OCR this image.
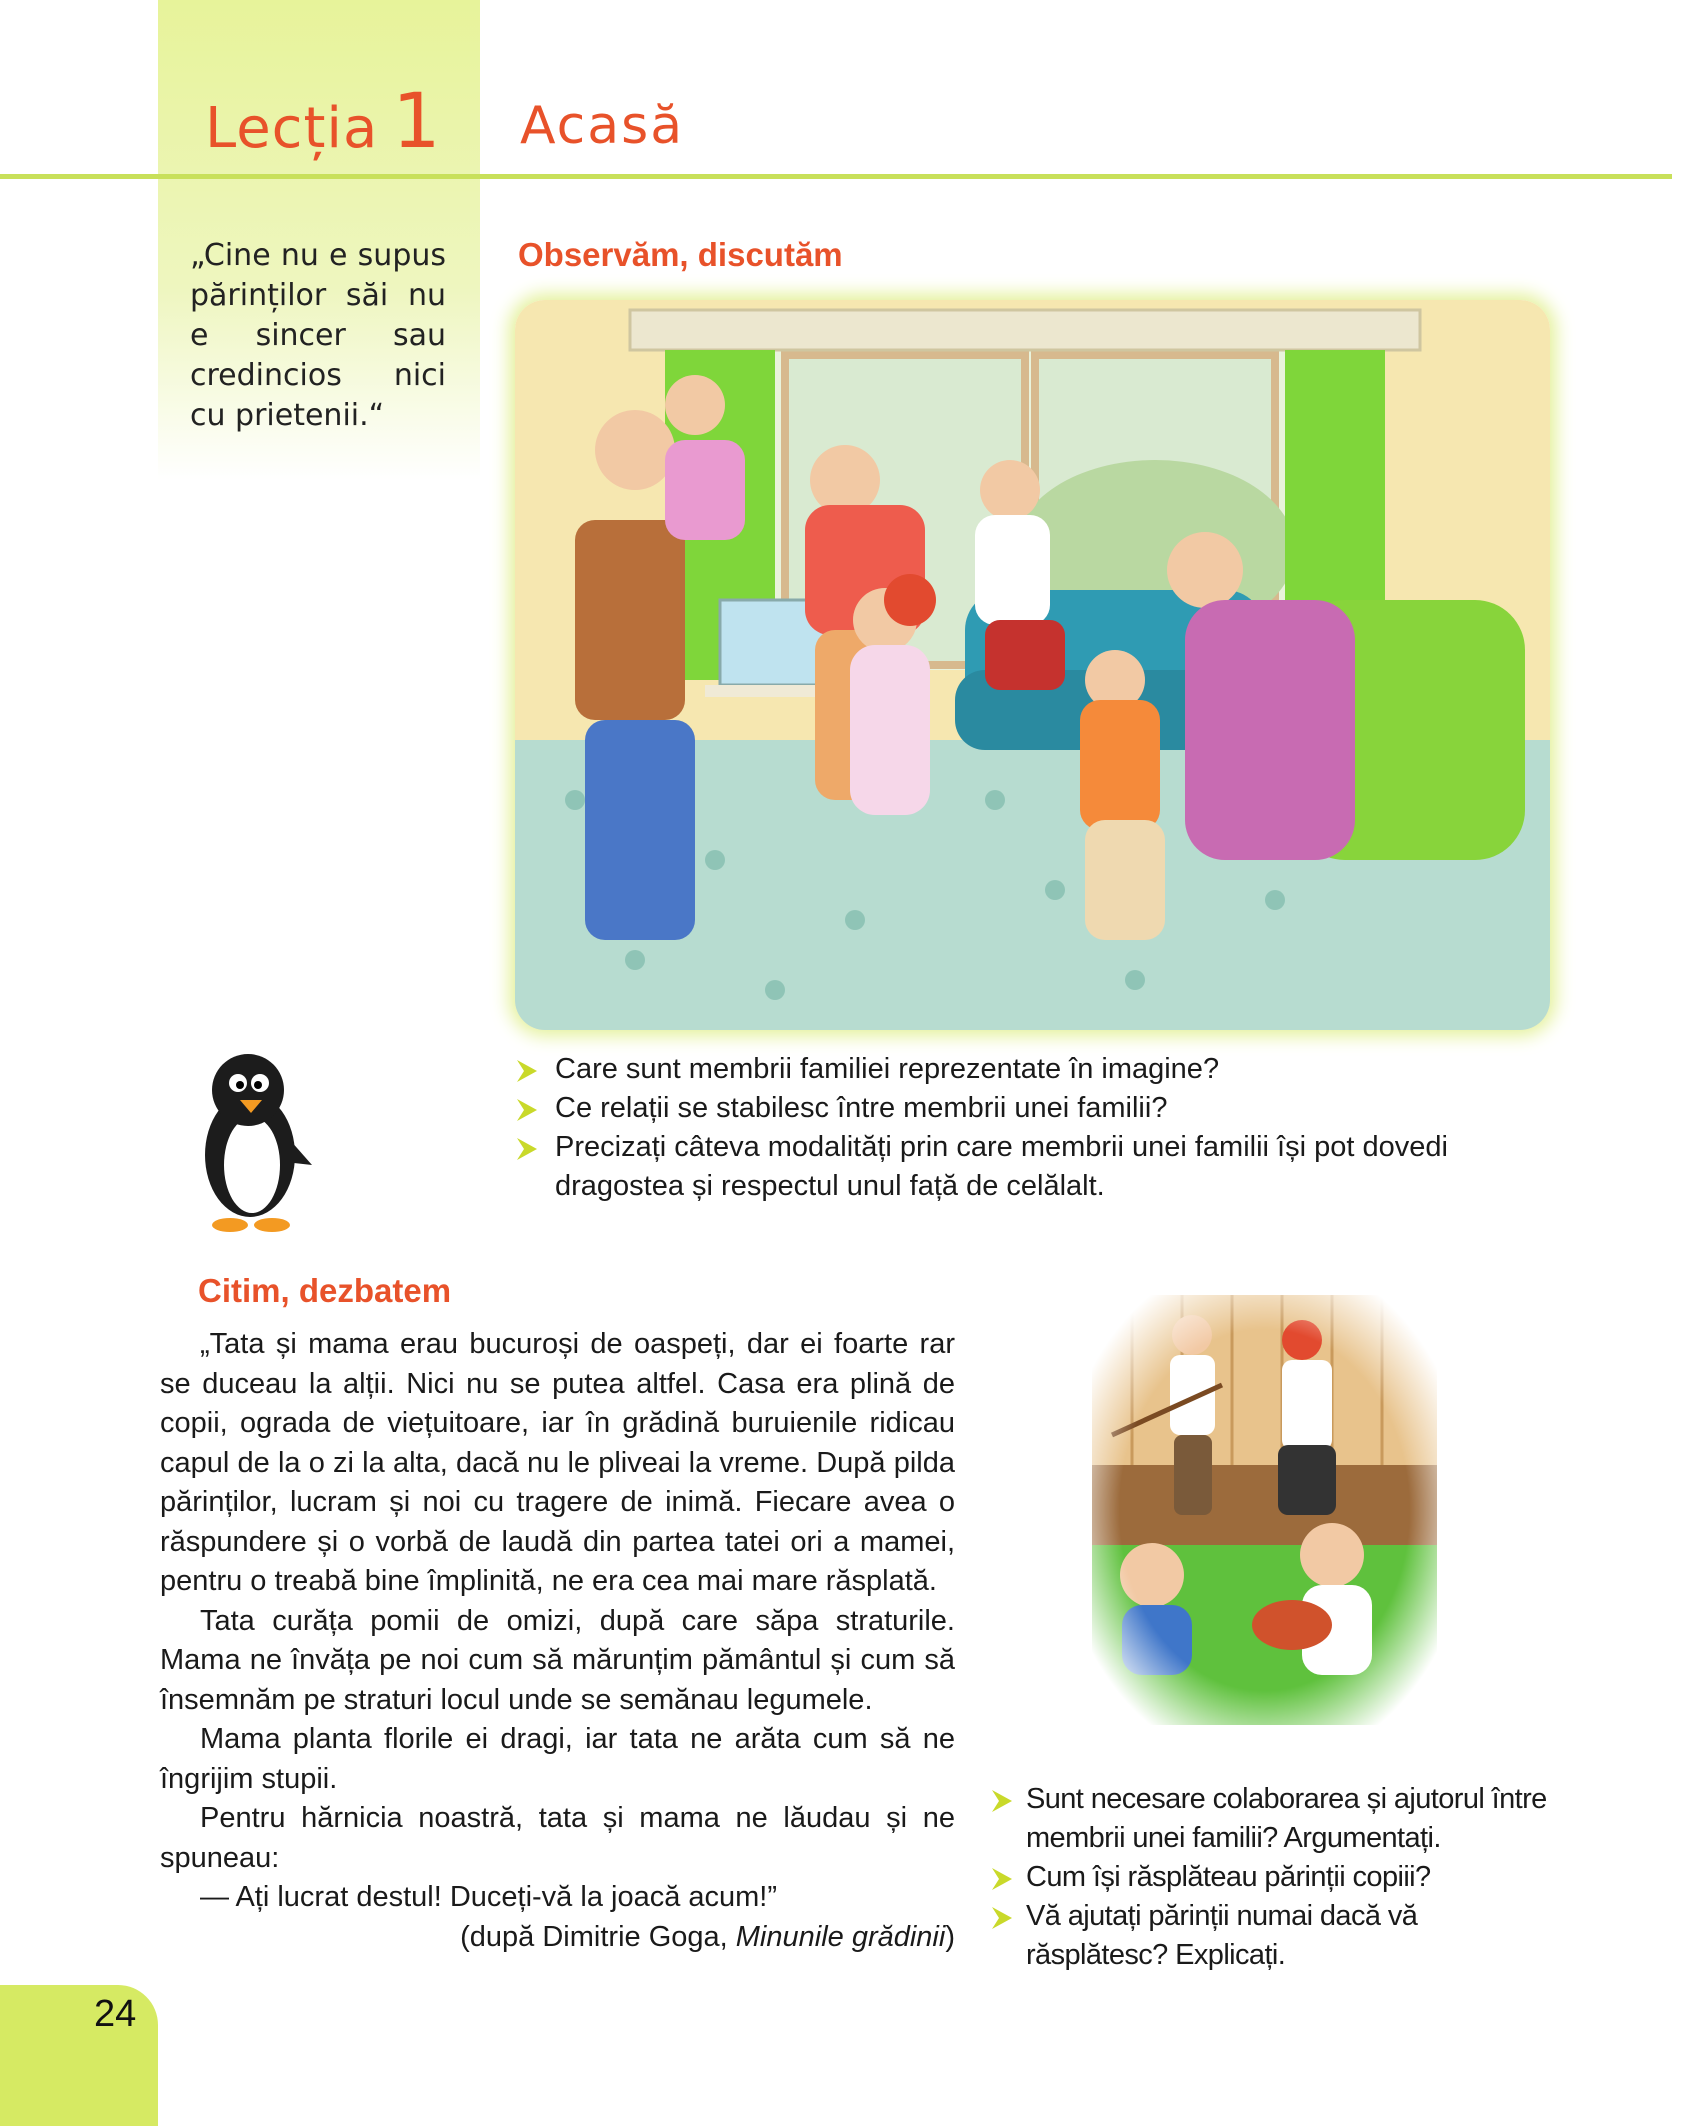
Lecția 1 Acasă
„Cine nu e supus părinților săi nu e sincer sau credincios nici cu prietenii.“
Observăm, discutăm
Care sunt membrii familiei reprezentate în imagine?
Ce relații se stabilesc între membrii unei familii?
Precizați câteva modalități prin care membrii unei familii își pot dovedi dragostea și respectul unul față de celălalt.
Citim, dezbatem

„Tata și mama erau bucuroși de oaspeți, dar ei foarte rar se duceau la alții. Nici nu se putea altfel. Casa era plină de copii, ograda de viețuitoare, iar în grădină buruienile ridicau capul de la o zi la alta, dacă nu le pliveai la vreme. După pilda părinților, lucram și noi cu tragere de inimă. Fiecare avea o răspundere și o vorbă de laudă din partea tatei ori a mamei, pentru o treabă bine împlinită, ne era cea mai mare răsplată.

Tata curăța pomii de omizi, după care săpa straturile. Mama ne învăța pe noi cum să mărunțim pământul și cum să însemnăm pe straturi locul unde se semănau legumele.

Mama planta florile ei dragi, iar tata ne arăta cum să ne îngrijim stupii.

Pentru hărnicia noastră, tata și mama ne lăudau și ne spuneau:

— Ați lucrat destul! Duceți-vă la joacă acum!”

(după Dimitrie Goga, Minunile grădinii)

Sunt necesare colaborarea și ajutorul între membrii unei familii? Argumentați.
Cum își răsplăteau părinții copiii?
Vă ajutați părinții numai dacă vă răsplătesc? Explicați.
24
